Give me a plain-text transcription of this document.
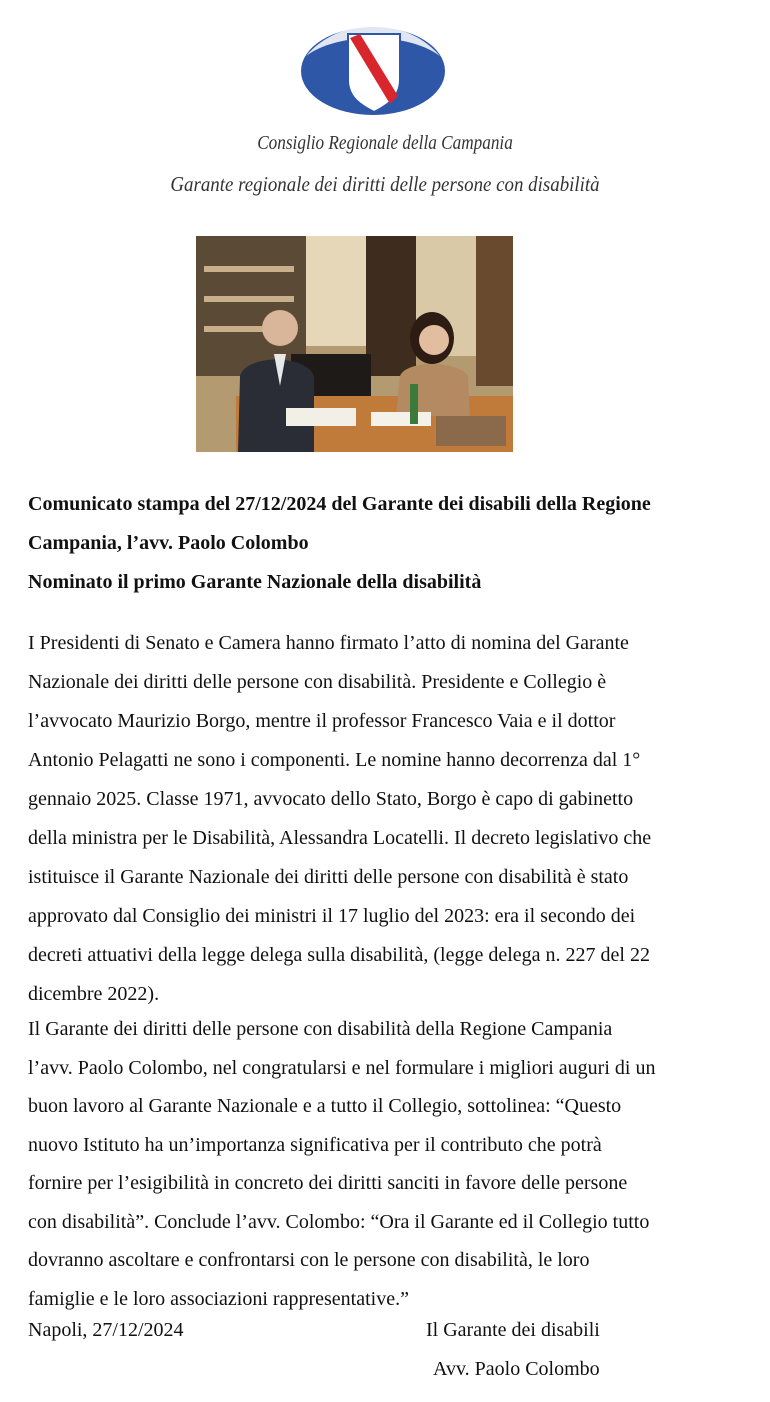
Consiglio Regionale della Campania
Garante regionale dei diritti delle persone con disabilità
Comunicato stampa del 27/12/2024 del Garante dei disabili della Regione
Campania, l’avv. Paolo Colombo
Nominato il primo Garante Nazionale della disabilità
I Presidenti di Senato e Camera hanno firmato l’atto di nomina del Garante
Nazionale dei diritti delle persone con disabilità. Presidente e Collegio è
l’avvocato Maurizio Borgo, mentre il professor Francesco Vaia e il dottor
Antonio Pelagatti ne sono i componenti. Le nomine hanno decorrenza dal 1°
gennaio 2025. Classe 1971, avvocato dello Stato, Borgo è capo di gabinetto
della ministra per le Disabilità, Alessandra Locatelli. Il decreto legislativo che
istituisce il Garante Nazionale dei diritti delle persone con disabilità è stato
approvato dal Consiglio dei ministri il 17 luglio del 2023: era il secondo dei
decreti attuativi della legge delega sulla disabilità, (legge delega n. 227 del 22
dicembre 2022).
Il Garante dei diritti delle persone con disabilità della Regione Campania
l’avv. Paolo Colombo, nel congratularsi e nel formulare i migliori auguri di un
buon lavoro al Garante Nazionale e a tutto il Collegio, sottolinea: “Questo
nuovo Istituto ha un’importanza significativa per il contributo che potrà
fornire per l’esigibilità in concreto dei diritti sanciti in favore delle persone
con disabilità”. Conclude l’avv. Colombo: “Ora il Garante ed il Collegio tutto
dovranno ascoltare e confrontarsi con le persone con disabilità, le loro
famiglie e le loro associazioni rappresentative.”
Napoli, 27/12/2024	Il Garante dei disabili
Avv. Paolo Colombo
